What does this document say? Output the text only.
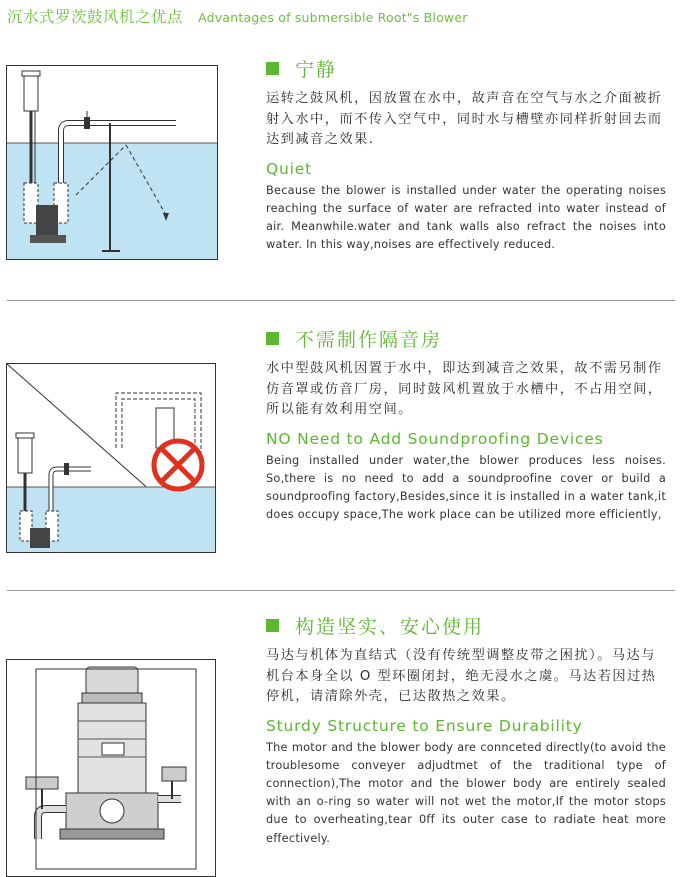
沉水式罗茨鼓风机之优点 Advantages of submersible Root"s Blower
宁静
运转之鼓风机，因放置在水中，故声音在空气与水之介面被折射入水中，而不传入空气中，同时水与槽壁亦同样折射回去而达到减音之效果.
Quiet
Because the blower is installed under water the operating noises reaching the surface of water are refracted into water instead of air. Meanwhile.water and tank walls also refract the noises into water. In this way,noises are effectively reduced.
不需制作隔音房
水中型鼓风机因置于水中，即达到减音之效果，故不需另制作仿音罩或仿音厂房，同时鼓风机置放于水槽中，不占用空间，所以能有效利用空间。
NO Need to Add Soundproofing Devices
Being installed under water,the blower produces less noises. So,there is no need to add a soundproofine cover or build a soundproofing factory,Besides,since it is installed in a water tank,it does occupy space,The work place can be utilized more efficiently,
构造坚实、安心使用
马达与机体为直结式（没有传统型调整皮带之困扰）。马达与机台本身全以 O 型环圈闭封，绝无浸水之虞。马达若因过热停机，请清除外壳，已达散热之效果。
Sturdy Structure to Ensure Durability
The motor and the blower body are connceted directly(to avoid the troublesome conveyer adjudtmet of the traditional type of connection),The motor and the blower body are entirely sealed with an o-ring so water will not wet the motor,If the motor stops due to overheating,tear 0ff its outer case to radiate heat more effectively.
